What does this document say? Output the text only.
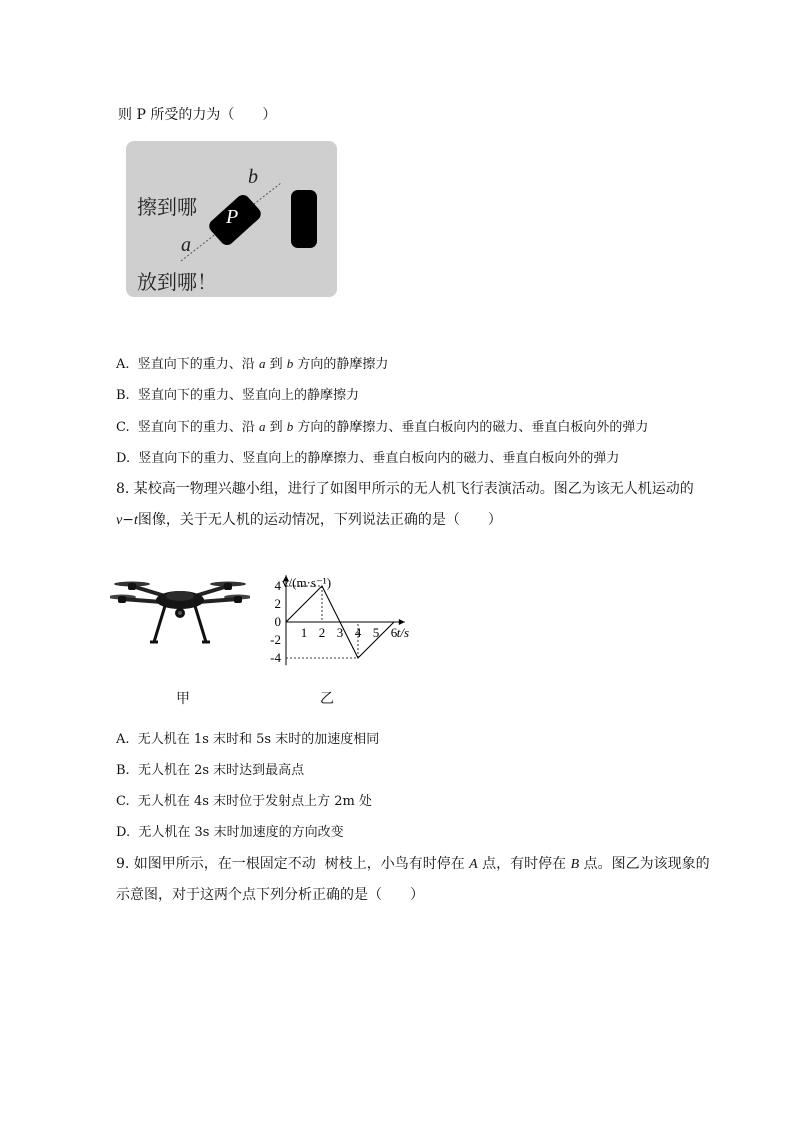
则 P 所受的力为（　　）
擦到哪
放到哪！
P
b
a
A. 竖直向下的重力、沿 a 到 b 方向的静摩擦力
B. 竖直向下的重力、竖直向上的静摩擦力
C. 竖直向下的重力、沿 a 到 b 方向的静摩擦力、垂直白板向内的磁力、垂直白板向外的弹力
D. 竖直向下的重力、竖直向上的静摩擦力、垂直白板向内的磁力、垂直白板向外的弹力
8. 某校高一物理兴趣小组，进行了如图甲所示的无人机飞行表演活动。图乙为该无人机运动的
v−t图像，关于无人机的运动情况，下列说法正确的是（　　）
甲
4
2
0
-2
-4
1 2 3 4 5 6
v/(m·s⁻¹)
t/s
乙
A. 无人机在 1s 末时和 5s 末时的加速度相同
B. 无人机在 2s 末时达到最高点
C. 无人机在 4s 末时位于发射点上方 2m 处
D. 无人机在 3s 末时加速度的方向改变
9. 如图甲所示，在一根固定不动 树枝上，小鸟有时停在 A 点，有时停在 B 点。图乙为该现象的
示意图，对于这两个点下列分析正确的是（　　）
